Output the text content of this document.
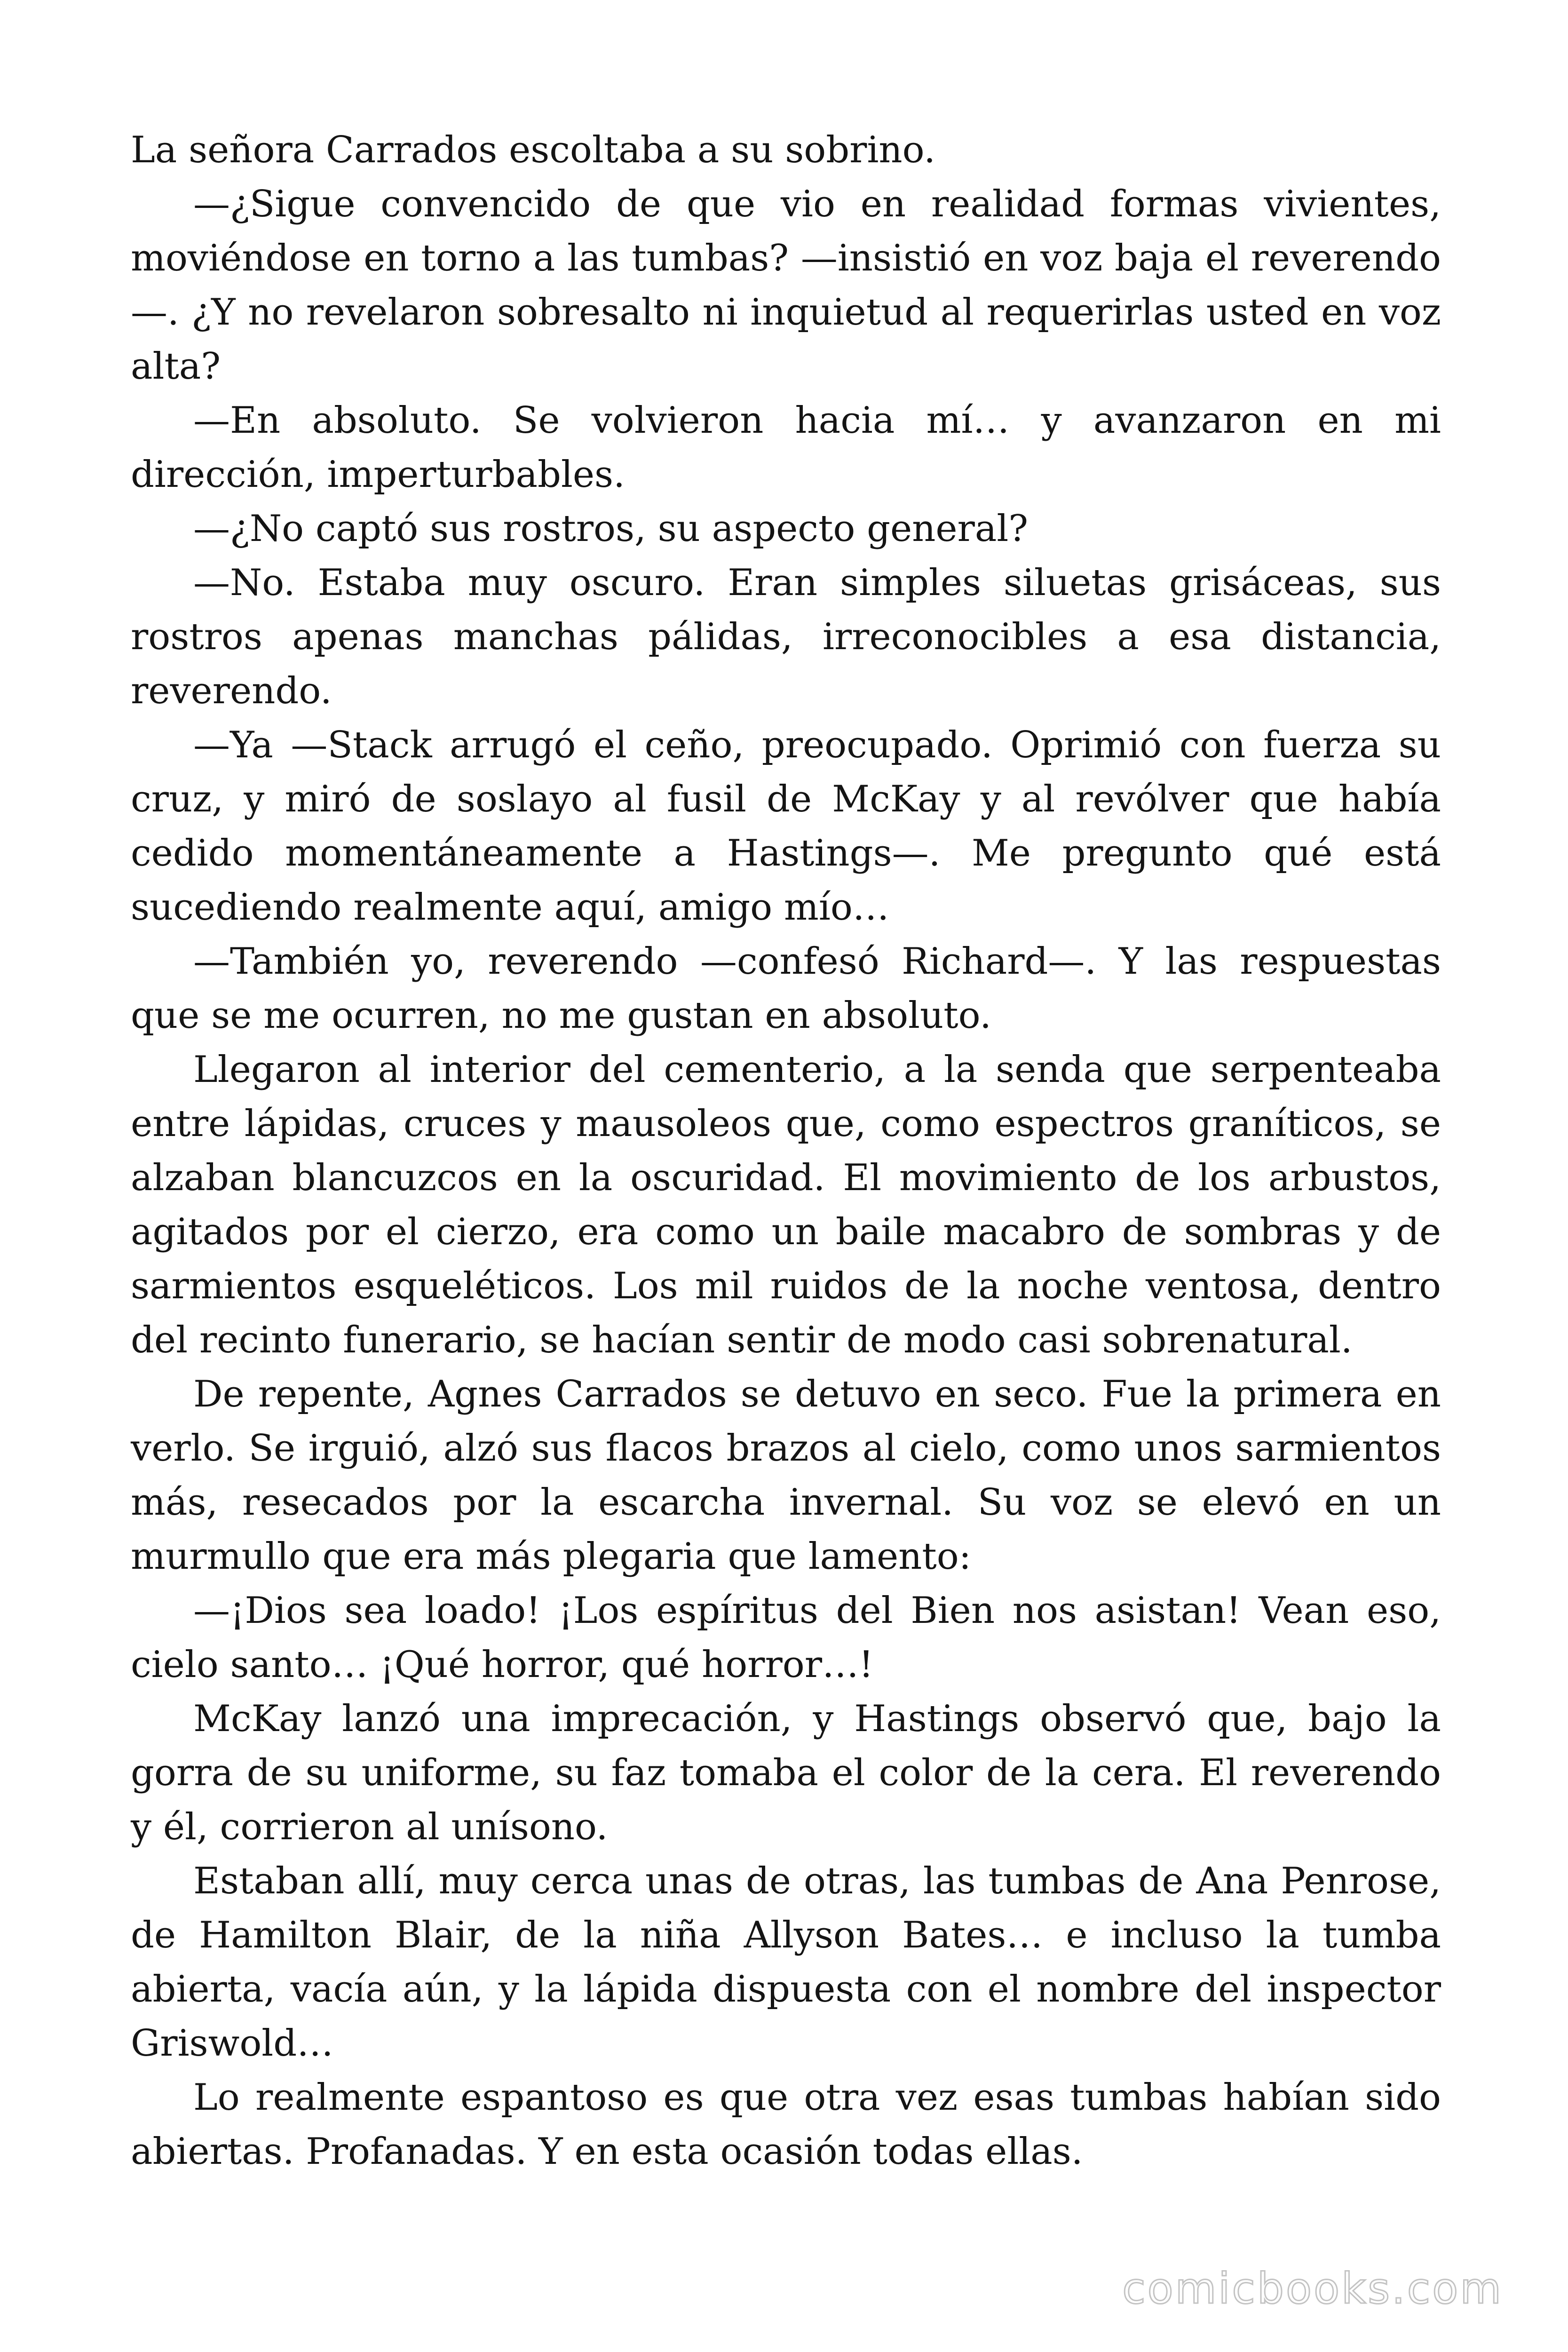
La señora Carrados escoltaba a su sobrino.

—¿Sigue convencido de que vio en realidad formas vivientes, moviéndose en torno a las tumbas? —insistió en voz baja el reverendo—. ¿Y no revelaron sobresalto ni inquietud al requerirlas usted en voz alta?

—En absoluto. Se volvieron hacia mí… y avanzaron en mi dirección, imperturbables.

—¿No captó sus rostros, su aspecto general?

—No. Estaba muy oscuro. Eran simples siluetas grisáceas, sus rostros apenas manchas pálidas, irreconocibles a esa distancia, reverendo.

—Ya —Stack arrugó el ceño, preocupado. Oprimió con fuerza su cruz, y miró de soslayo al fusil de McKay y al revólver que había cedido momentáneamente a Hastings—. Me pregunto qué está sucediendo realmente aquí, amigo mío…

—También yo, reverendo —confesó Richard—. Y las respuestas que se me ocurren, no me gustan en absoluto.

Llegaron al interior del cementerio, a la senda que serpenteaba entre lápidas, cruces y mausoleos que, como espectros graníticos, se alzaban blancuzcos en la oscuridad. El movimiento de los arbustos, agitados por el cierzo, era como un baile macabro de sombras y de sarmientos esqueléticos. Los mil ruidos de la noche ventosa, dentro del recinto funerario, se hacían sentir de modo casi sobrenatural.

De repente, Agnes Carrados se detuvo en seco. Fue la primera en verlo. Se irguió, alzó sus flacos brazos al cielo, como unos sarmientos más, resecados por la escarcha invernal. Su voz se elevó en un murmullo que era más plegaria que lamento:

—¡Dios sea loado! ¡Los espíritus del Bien nos asistan! Vean eso, cielo santo… ¡Qué horror, qué horror…!

McKay lanzó una imprecación, y Hastings observó que, bajo la gorra de su uniforme, su faz tomaba el color de la cera. El reverendo y él, corrieron al unísono.

Estaban allí, muy cerca unas de otras, las tumbas de Ana Penrose, de Hamilton Blair, de la niña Allyson Bates… e incluso la tumba abierta, vacía aún, y la lápida dispuesta con el nombre del inspector Griswold…

Lo realmente espantoso es que otra vez esas tumbas habían sido abiertas. Profanadas. Y en esta ocasión todas ellas.

comicbooks.com
